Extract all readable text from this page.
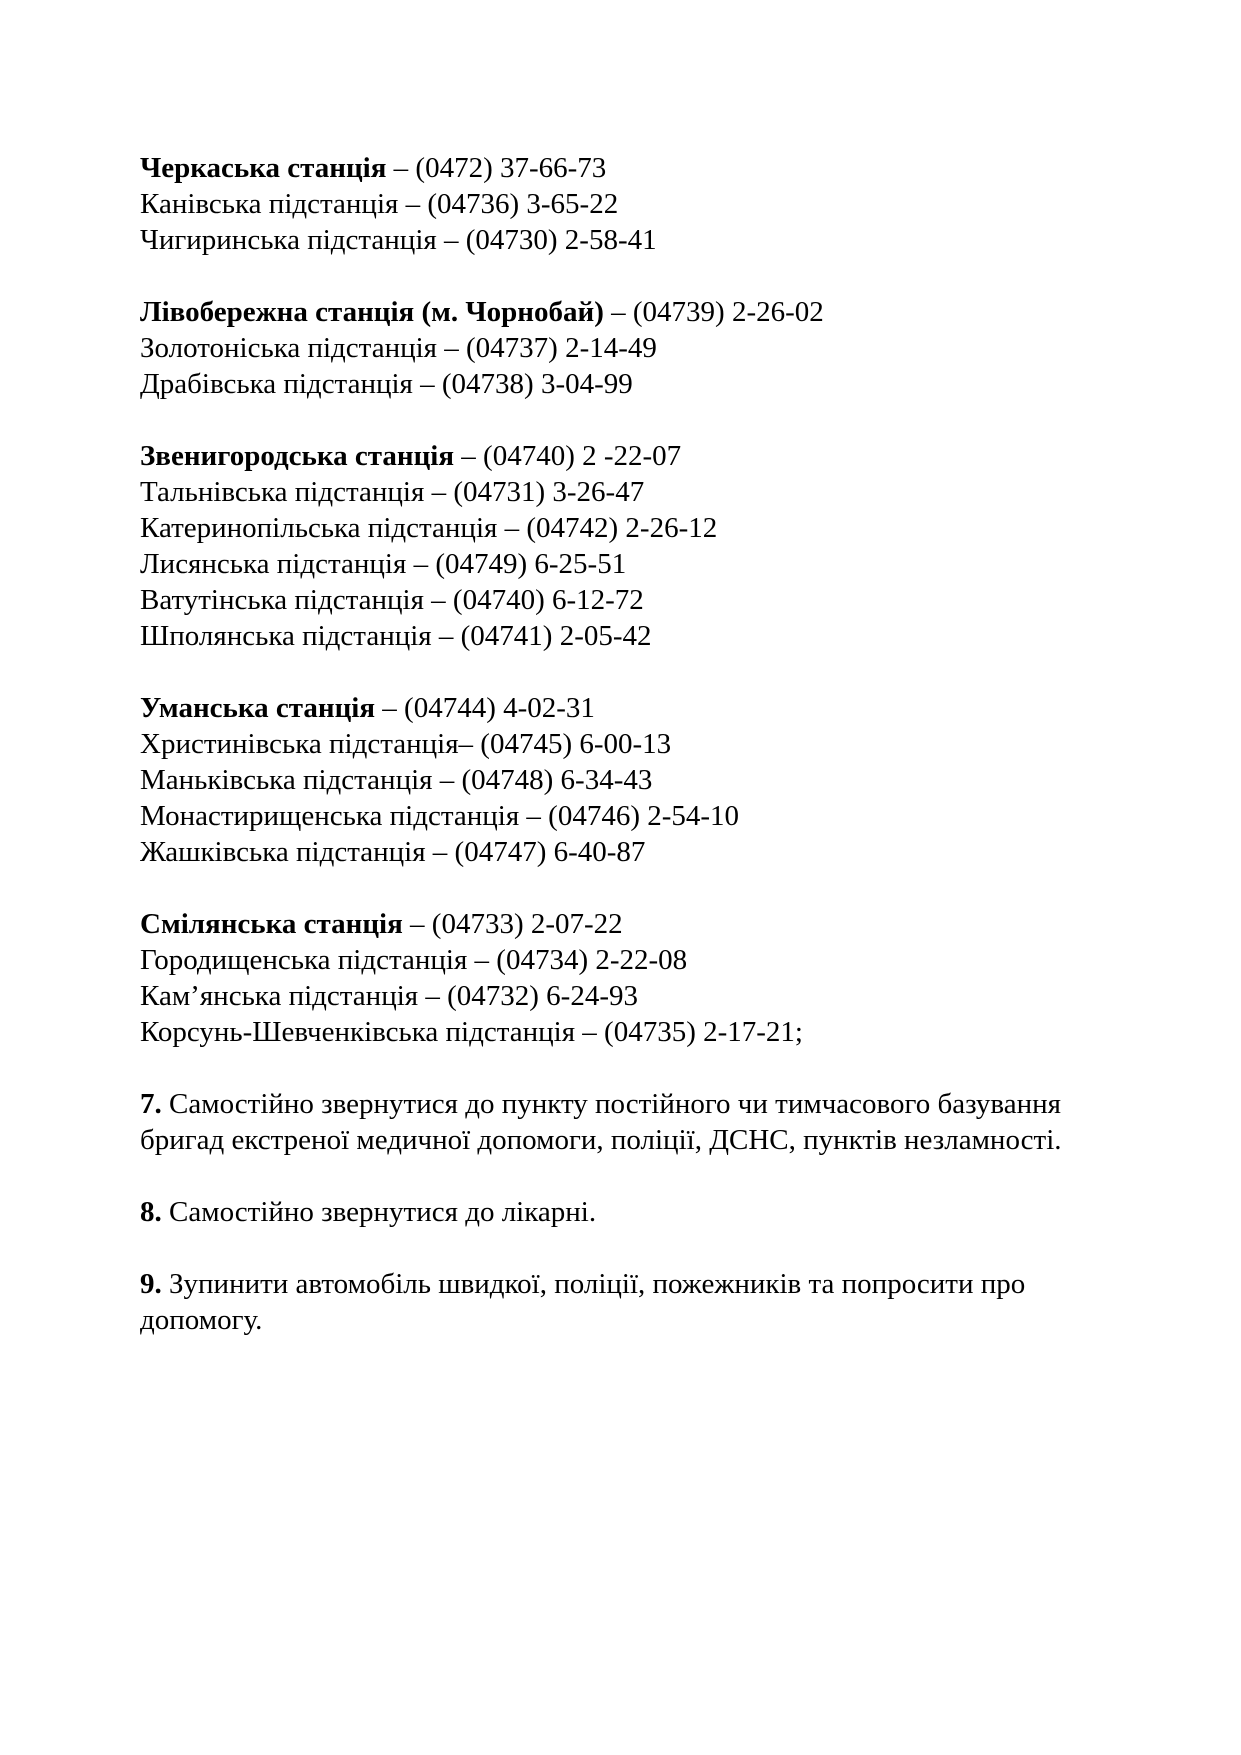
Черкаська станція – (0472) 37-66-73
Канівська підстанція – (04736) 3-65-22
Чигиринська підстанція – (04730) 2-58-41
Лівобережна станція (м. Чорнобай) – (04739) 2-26-02
Золотоніська підстанція – (04737) 2-14-49
Драбівська підстанція – (04738) 3-04-99
Звенигородська станція – (04740) 2 -22-07
Тальнівська підстанція – (04731) 3-26-47
Катеринопільська підстанція – (04742) 2-26-12
Лисянська підстанція – (04749) 6-25-51
Ватутінська підстанція – (04740) 6-12-72
Шполянська підстанція – (04741) 2-05-42
Уманська станція – (04744) 4-02-31
Христинівська підстанція– (04745) 6-00-13
Маньківська підстанція – (04748) 6-34-43
Монастирищенська підстанція – (04746) 2-54-10
Жашківська підстанція – (04747) 6-40-87
Смілянська станція – (04733) 2-07-22
Городищенська підстанція – (04734) 2-22-08
Кам’янська підстанція – (04732) 6-24-93
Корсунь-Шевченківська підстанція – (04735) 2-17-21;
7. Самостійно звернутися до пункту постійного чи тимчасового базування бригад екстреної медичної допомоги, поліції, ДСНС, пунктів незламності.
8. Самостійно звернутися до лікарні.
9. Зупинити автомобіль швидкої, поліції, пожежників та попросити про допомогу.
